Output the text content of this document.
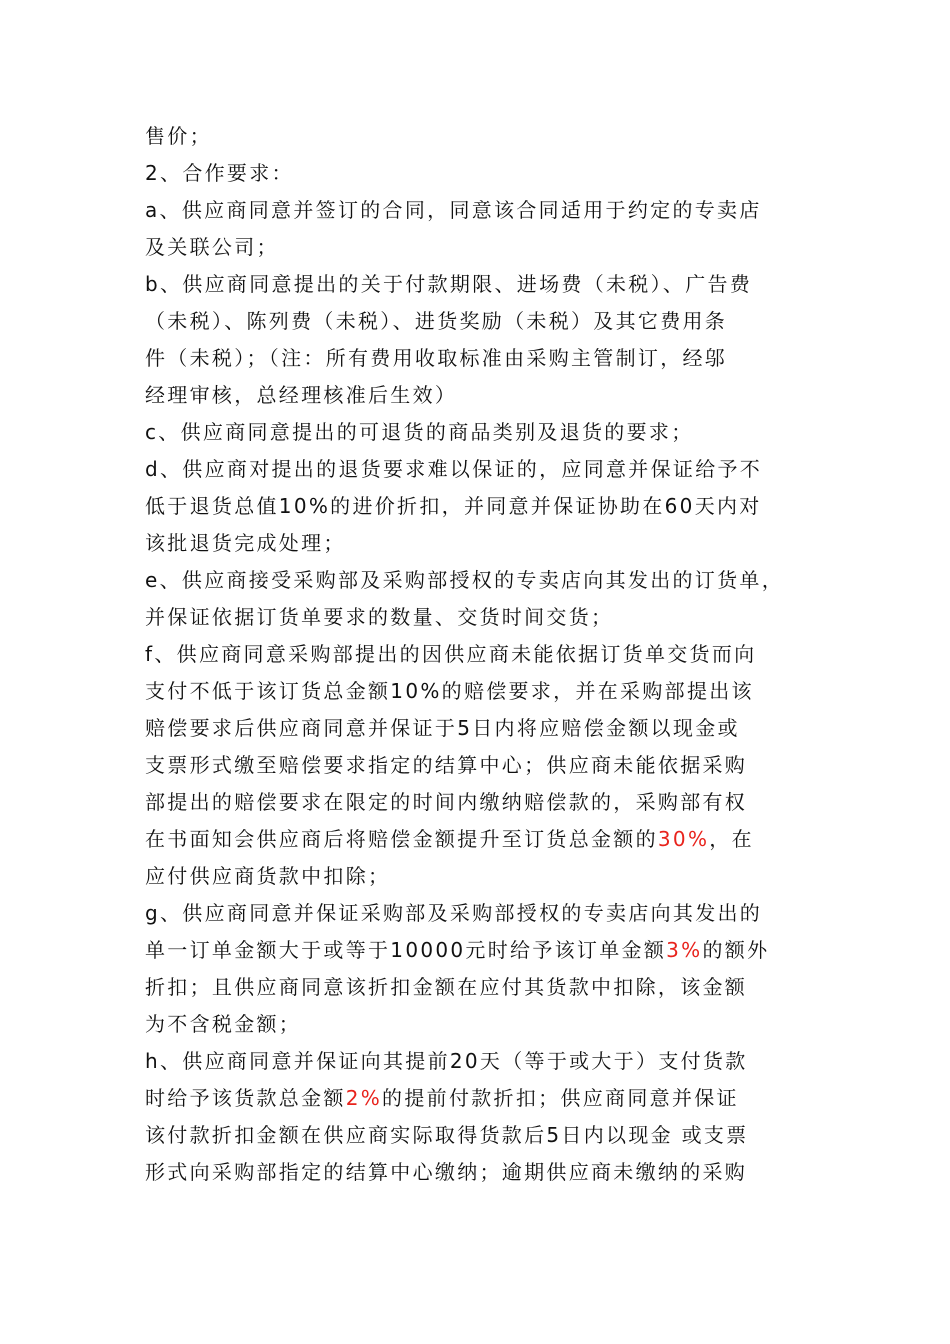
售价；
2、合作要求：
a、供应商同意并签订的合同，同意该合同适用于约定的专卖店
及关联公司；
b、供应商同意提出的关于付款期限、进场费（未税）、广告费
（未税）、陈列费（未税）、进货奖励（未税）及其它费用条
件（未税）；（注：所有费用收取标准由采购主管制订，经邬
经理审核，总经理核准后生效）
c、供应商同意提出的可退货的商品类别及退货的要求；
d、供应商对提出的退货要求难以保证的，应同意并保证给予不
低于退货总值10%的进价折扣，并同意并保证协助在60天内对
该批退货完成处理；
e、供应商接受采购部及采购部授权的专卖店向其发出的订货单，
并保证依据订货单要求的数量、交货时间交货；
f、供应商同意采购部提出的因供应商未能依据订货单交货而向
支付不低于该订货总金额10%的赔偿要求，并在采购部提出该
赔偿要求后供应商同意并保证于5日内将应赔偿金额以现金或
支票形式缴至赔偿要求指定的结算中心；供应商未能依据采购
部提出的赔偿要求在限定的时间内缴纳赔偿款的，采购部有权
在书面知会供应商后将赔偿金额提升至订货总金额的30%，在
应付供应商货款中扣除；
g、供应商同意并保证采购部及采购部授权的专卖店向其发出的
单一订单金额大于或等于10000元时给予该订单金额3%的额外
折扣；且供应商同意该折扣金额在应付其货款中扣除，该金额
为不含税金额；
h、供应商同意并保证向其提前20天（等于或大于）支付货款
时给予该货款总金额2%的提前付款折扣；供应商同意并保证
该付款折扣金额在供应商实际取得货款后5日内以现金 或支票
形式向采购部指定的结算中心缴纳；逾期供应商未缴纳的采购
